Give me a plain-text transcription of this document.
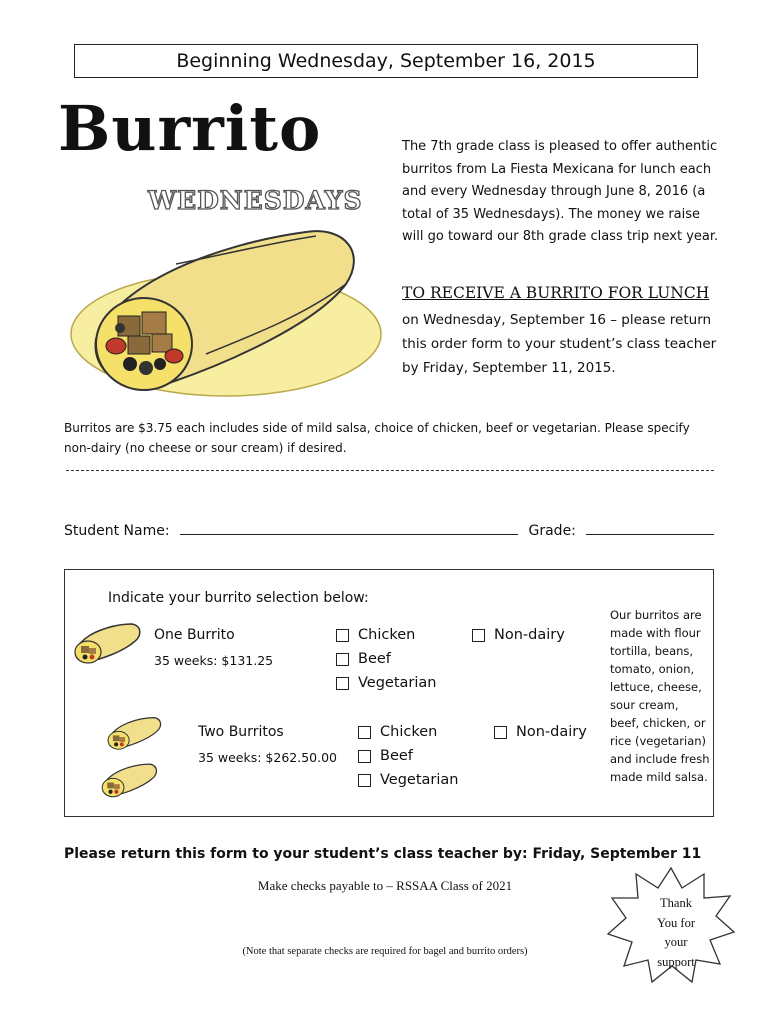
Beginning Wednesday, September 16, 2015
Burrito
WEDNESDAYS
The 7th grade class is pleased to offer authentic burritos from La Fiesta Mexicana for lunch each and every Wednesday through June 8, 2016 (a total of 35 Wednesdays). The money we raise will go toward our 8th grade class trip next year.
TO RECEIVE A BURRITO FOR LUNCH
on Wednesday, September 16 – please return this order form to your student’s class teacher by Friday, September 11, 2015.
Burritos are $3.75 each includes side of mild salsa, choice of chicken, beef or vegetarian. Please specify non-dairy (no cheese or sour cream) if desired.
Student Name:	Grade:
Indicate your burrito selection below:
One Burrito
35 weeks: $131.25
Chicken
Beef
Vegetarian
Non-dairy
Two Burritos
35 weeks: $262.50.00
Chicken
Beef
Vegetarian
Non-dairy
Our burritos are made with flour tortilla, beans, tomato, onion, lettuce, cheese, sour cream, beef, chicken, or rice (vegetarian) and include fresh made mild salsa.
Please return this form to your student’s class teacher by: Friday, September 11
Make checks payable to – RSSAA Class of 2021
(Note that separate checks are required for bagel and burrito orders)
Thank
You for
your
support
